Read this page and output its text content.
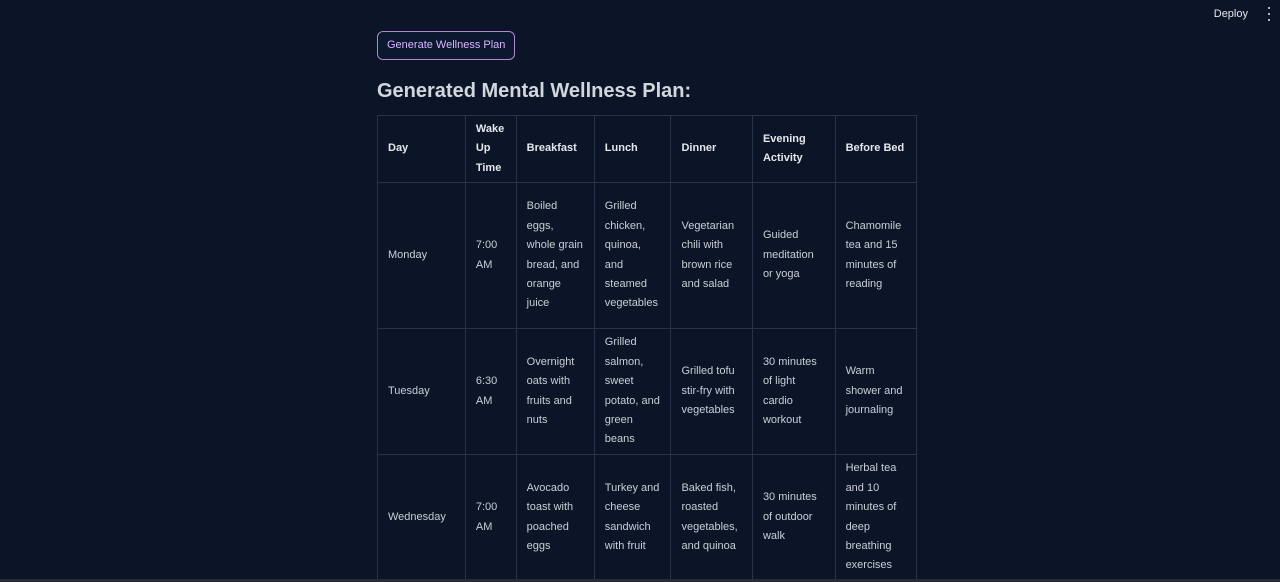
Deploy
Generate Wellness Plan
Generated Mental Wellness Plan:
Day	Wake Up Time	Breakfast	Lunch	Dinner	Evening Activity	Before Bed
Monday	7:00 AM	Boiled eggs, whole grain bread, and orange juice	Grilled chicken, quinoa, and steamed vegetables	Vegetarian chili with brown rice and salad	Guided meditation or yoga	Chamomile tea and 15 minutes of reading
Tuesday	6:30 AM	Overnight oats with fruits and nuts	Grilled salmon, sweet potato, and green beans	Grilled tofu stir-fry with vegetables	30 minutes of light cardio workout	Warm shower and journaling
Wednesday	7:00 AM	Avocado toast with poached eggs	Turkey and cheese sandwich with fruit	Baked fish, roasted vegetables, and quinoa	30 minutes of outdoor walk	Herbal tea and 10 minutes of deep breathing exercises
